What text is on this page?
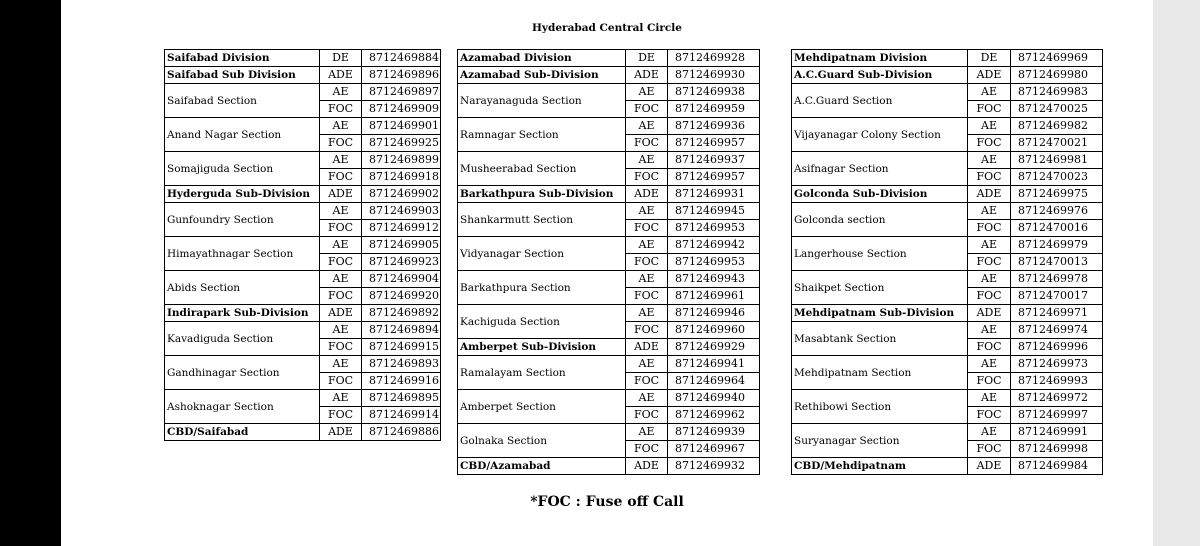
Hyderabad Central Circle
Saifabad Division	DE	8712469884
Saifabad Sub Division	ADE	8712469896
Saifabad Section	AE	8712469897
	FOC	8712469909
Anand Nagar Section	AE	8712469901
	FOC	8712469925
Somajiguda Section	AE	8712469899
	FOC	8712469918
Hyderguda Sub-Division	ADE	8712469902
Gunfoundry Section	AE	8712469903
	FOC	8712469912
Himayathnagar Section	AE	8712469905
	FOC	8712469923
Abids Section	AE	8712469904
	FOC	8712469920
Indirapark Sub-Division	ADE	8712469892
Kavadiguda Section	AE	8712469894
	FOC	8712469915
Gandhinagar Section	AE	8712469893
	FOC	8712469916
Ashoknagar Section	AE	8712469895
	FOC	8712469914
CBD/Saifabad	ADE	8712469886
Azamabad Division	DE	8712469928
Azamabad Sub-Division	ADE	8712469930
Narayanaguda Section	AE	8712469938
	FOC	8712469959
Ramnagar Section	AE	8712469936
	FOC	8712469957
Musheerabad Section	AE	8712469937
	FOC	8712469957
Barkathpura Sub-Division	ADE	8712469931
Shankarmutt Section	AE	8712469945
	FOC	8712469953
Vidyanagar Section	AE	8712469942
	FOC	8712469953
Barkathpura Section	AE	8712469943
	FOC	8712469961
Kachiguda Section	AE	8712469946
	FOC	8712469960
Amberpet Sub-Division	ADE	8712469929
Ramalayam Section	AE	8712469941
	FOC	8712469964
Amberpet Section	AE	8712469940
	FOC	8712469962
Golnaka Section	AE	8712469939
	FOC	8712469967
CBD/Azamabad	ADE	8712469932
Mehdipatnam Division	DE	8712469969
A.C.Guard Sub-Division	ADE	8712469980
A.C.Guard Section	AE	8712469983
	FOC	8712470025
Vijayanagar Colony Section	AE	8712469982
	FOC	8712470021
Asifnagar Section	AE	8712469981
	FOC	8712470023
Golconda Sub-Division	ADE	8712469975
Golconda section	AE	8712469976
	FOC	8712470016
Langerhouse Section	AE	8712469979
	FOC	8712470013
Shaikpet Section	AE	8712469978
	FOC	8712470017
Mehdipatnam Sub-Division	ADE	8712469971
Masabtank Section	AE	8712469974
	FOC	8712469996
Mehdipatnam Section	AE	8712469973
	FOC	8712469993
Rethibowi Section	AE	8712469972
	FOC	8712469997
Suryanagar Section	AE	8712469991
	FOC	8712469998
CBD/Mehdipatnam	ADE	8712469984
*FOC : Fuse off Call
